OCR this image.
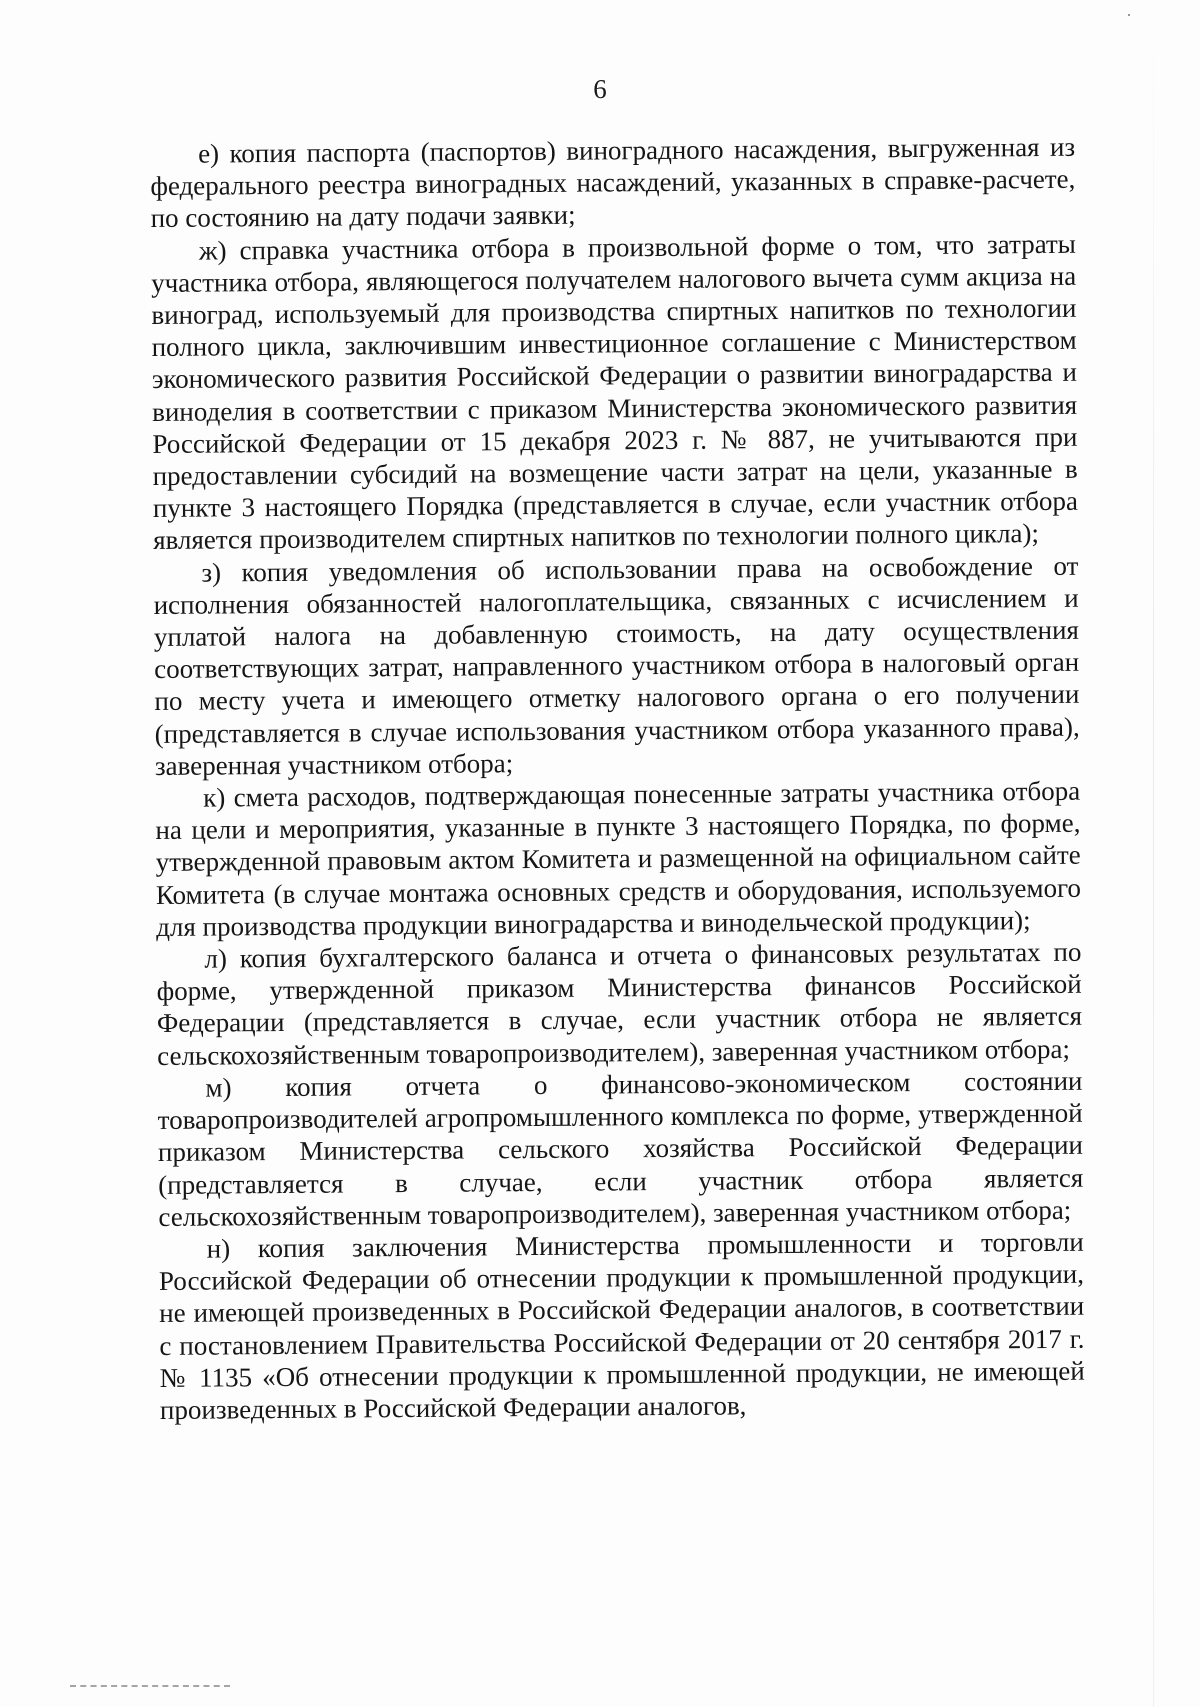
6

е) копия паспорта (паспортов) виноградного насаждения, выгруженная из федерального реестра виноградных насаждений, указанных в справке-расчете, по состоянию на дату подачи заявки;

ж) справка участника отбора в произвольной форме о том, что затраты участника отбора, являющегося получателем налогового вычета сумм акциза на виноград, используемый для производства спиртных напитков по технологии полного цикла, заключившим инвестиционное соглашение с Министерством экономического развития Российской Федерации о развитии виноградарства и виноделия в соответствии с приказом Министерства экономического развития Российской Федерации от 15 декабря 2023 г. № 887, не учитываются при предоставлении субсидий на возмещение части затрат на цели, указанные в пункте 3 настоящего Порядка (представляется в случае, если участник отбора является производителем спиртных напитков по технологии полного цикла);

з) копия уведомления об использовании права на освобождение от исполнения обязанностей налогоплательщика, связанных с исчислением и уплатой налога на добавленную стоимость, на дату осуществления соответствующих затрат, направленного участником отбора в налоговый орган по месту учета и имеющего отметку налогового органа о его получении (представляется в случае использования участником отбора указанного права), заверенная участником отбора;

к) смета расходов, подтверждающая понесенные затраты участника отбора на цели и мероприятия, указанные в пункте 3 настоящего Порядка, по форме, утвержденной правовым актом Комитета и размещенной на официальном сайте Комитета (в случае монтажа основных средств и оборудования, используемого для производства продукции виноградарства и винодельческой продукции);

л) копия бухгалтерского баланса и отчета о финансовых результатах по форме, утвержденной приказом Министерства финансов Российской Федерации (представляется в случае, если участник отбора не является сельскохозяйственным товаропроизводителем), заверенная участником отбора;

м) копия отчета о финансово-экономическом состоянии товаропроизводителей агропромышленного комплекса по форме, утвержденной приказом Министерства сельского хозяйства Российской Федерации (представляется в случае, если участник отбора является сельскохозяйственным товаропроизводителем), заверенная участником отбора;

н) копия заключения Министерства промышленности и торговли Российской Федерации об отнесении продукции к промышленной продукции, не имеющей произведенных в Российской Федерации аналогов, в соответствии с постановлением Правительства Российской Федерации от 20 сентября 2017 г. № 1135 «Об отнесении продукции к промышленной продукции, не имеющей произведенных в Российской Федерации аналогов,
